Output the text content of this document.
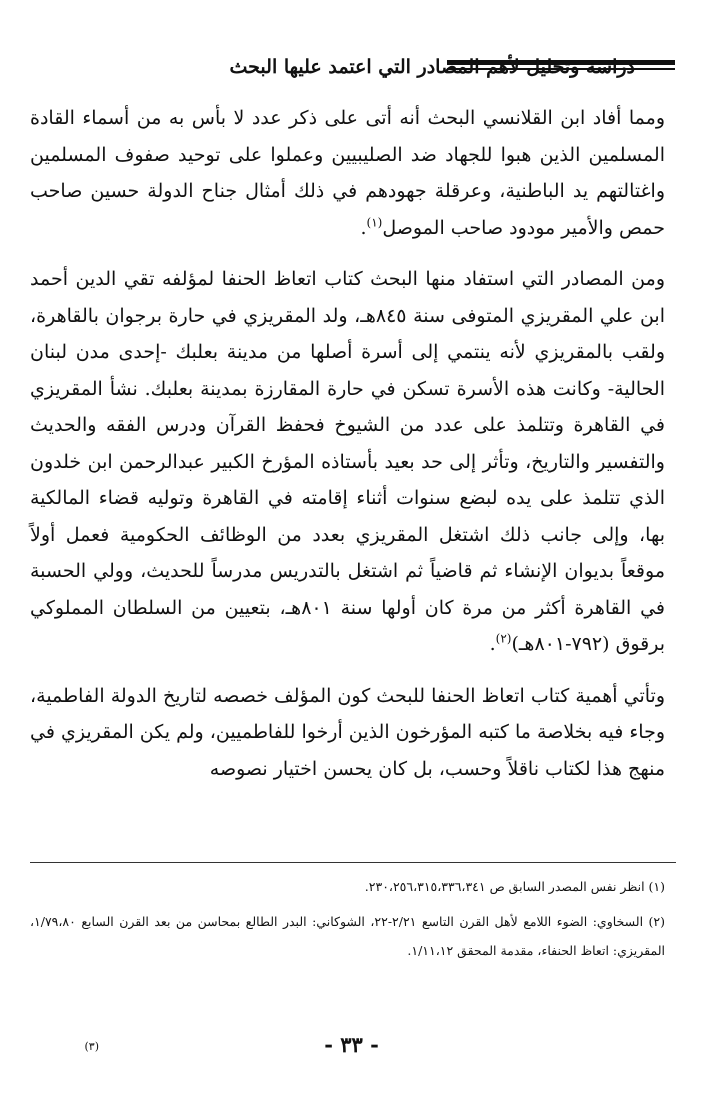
دراسة وتحليل لأهم المصادر التي اعتمد عليها البحث

ومما أفاد ابن القلانسي البحث أنه أتى على ذكر عدد لا بأس به من أسماء القادة المسلمين الذين هبوا للجهاد ضد الصليبيين وعملوا على توحيد صفوف المسلمين واغتالتهم يد الباطنية، وعرقلة جهودهم في ذلك أمثال جناح الدولة حسين صاحب حمص والأمير مودود صاحب الموصل$^{(١)}$.

ومن المصادر التي استفاد منها البحث كتاب اتعاظ الحنفا لمؤلفه تقي الدين أحمد ابن علي المقريزي المتوفى سنة ٨٤٥هـ، ولد المقريزي في حارة برجوان بالقاهرة، ولقب بالمقريزي لأنه ينتمي إلى أسرة أصلها من مدينة بعلبك -إحدى مدن لبنان الحالية- وكانت هذه الأسرة تسكن في حارة المقارزة بمدينة بعلبك. نشأ المقريزي في القاهرة وتتلمذ على عدد من الشيوخ فحفظ القرآن ودرس الفقه والحديث والتفسير والتاريخ، وتأثر إلى حد بعيد بأستاذه المؤرخ الكبير عبدالرحمن ابن خلدون الذي تتلمذ على يده لبضع سنوات أثناء إقامته في القاهرة وتوليه قضاء المالكية بها، وإلى جانب ذلك اشتغل المقريزي بعدد من الوظائف الحكومية فعمل أولاً موقعاً بديوان الإنشاء ثم قاضياً ثم اشتغل بالتدريس مدرساً للحديث، وولي الحسبة في القاهرة أكثر من مرة كان أولها سنة ٨٠١هـ، بتعيين من السلطان المملوكي برقوق (٧٩٢-٨٠١هـ)$^{(٢)}$.

وتأتي أهمية كتاب اتعاظ الحنفا للبحث كون المؤلف خصصه لتاريخ الدولة الفاطمية، وجاء فيه بخلاصة ما كتبه المؤرخون الذين أرخوا للفاطميين، ولم يكن المقريزي في منهج هذا لكتاب ناقلاً وحسب، بل كان يحسن اختيار نصوصه

(١) انظر نفس المصدر السابق ص ٢٣٠،٢٥٦،٣١٥،٣٣٦،٣٤١.

(٢) السخاوي: الضوء اللامع لأهل القرن التاسع ٢/٢١-٢٢، الشوكاني: البدر الطالع بمحاسن من بعد القرن السابع ١/٧٩،٨٠، المقريزي: اتعاظ الحنفاء، مقدمة المحقق ١/١١،١٢.

- ٣٣ -
(٣)
